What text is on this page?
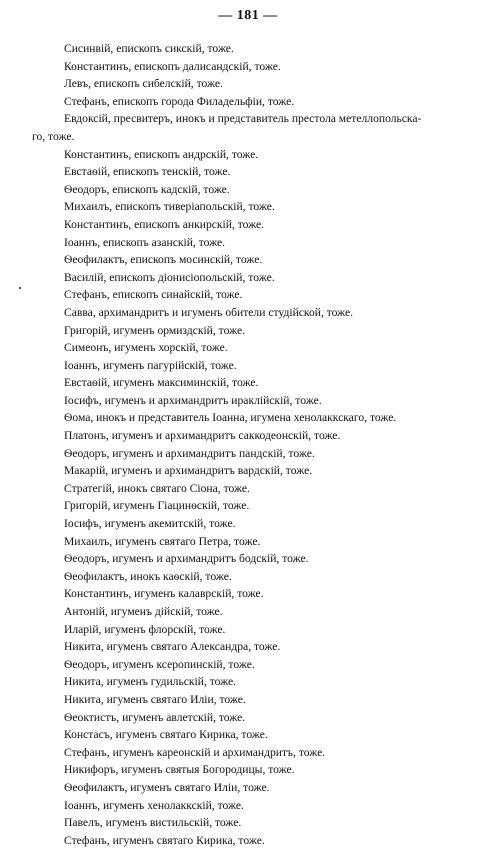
— 181 —
Сисинвій, епископъ сикскій, тоже.
Константинъ, епископъ далисандскій, тоже.
Левъ, епископъ сибелскій, тоже.
Стефанъ, епископъ города Филадельфіи, тоже.
Евдоксій, пресвитеръ, инокъ и представитель престола метеллопольска-
го, тоже.
Константинъ, епископъ андрскій, тоже.
Евстаѳій, епископъ тенскій, тоже.
Ѳеодоръ, епископъ кадскій, тоже.
Михаилъ, епископъ тиверіапольскій, тоже.
Константинъ, епископъ анкирскій, тоже.
Іоаннъ, епископъ азанскій, тоже.
Ѳеофилактъ, епископъ мосинскій, тоже.
Василій, епископъ діонисіопольскій, тоже.
Стефанъ, епископъ синайскій, тоже.
Савва, архимандритъ и игуменъ обители студійской, тоже.
Григорій, игуменъ ормиздскій, тоже.
Симеонъ, игуменъ хорскій, тоже.
Іоаннъ, игуменъ пагурійскій, тоже.
Евстаѳій, игуменъ максиминскій, тоже.
Іосифъ, игуменъ и архимандритъ ираклійскій, тоже.
Ѳома, инокъ и представитель Іоанна, игумена хенолаккскаго, тоже.
Платонъ, игуменъ и архимандритъ саккодеонскій, тоже.
Ѳеодоръ, игуменъ и архимандритъ пандскій, тоже.
Макарій, игуменъ и архимандритъ вардскій, тоже.
Стратегій, инокъ святаго Сіона, тоже.
Григорій, игуменъ Гіацинѳскій, тоже.
Іосифъ, игуменъ акемитскій, тоже.
Михаилъ, игуменъ святаго Петра, тоже.
Ѳеодоръ, игуменъ и архимандритъ бодскій, тоже.
Ѳеофилактъ, инокъ каѳскій, тоже.
Константинъ, игуменъ калаврскій, тоже.
Антоній, игуменъ дійскій, тоже.
Иларій, игуменъ флорскій, тоже.
Никита, игуменъ святаго Александра, тоже.
Ѳеодоръ, игуменъ ксеропинскій, тоже.
Никита, игуменъ гудильскій, тоже.
Никита, игуменъ святаго Иліи, тоже.
Ѳеоктистъ, игуменъ авлетскій, тоже.
Констасъ, игуменъ святаго Кирика, тоже.
Стефанъ, игуменъ кареонскій и архимандритъ, тоже.
Никифоръ, игуменъ святыя Богородицы, тоже.
Ѳеофилактъ, игуменъ святаго Иліи, тоже.
Іоаннъ, игуменъ хенолаккскій, тоже.
Павелъ, игуменъ вистильскій, тоже.
Стефанъ, игуменъ святаго Кирика, тоже.
